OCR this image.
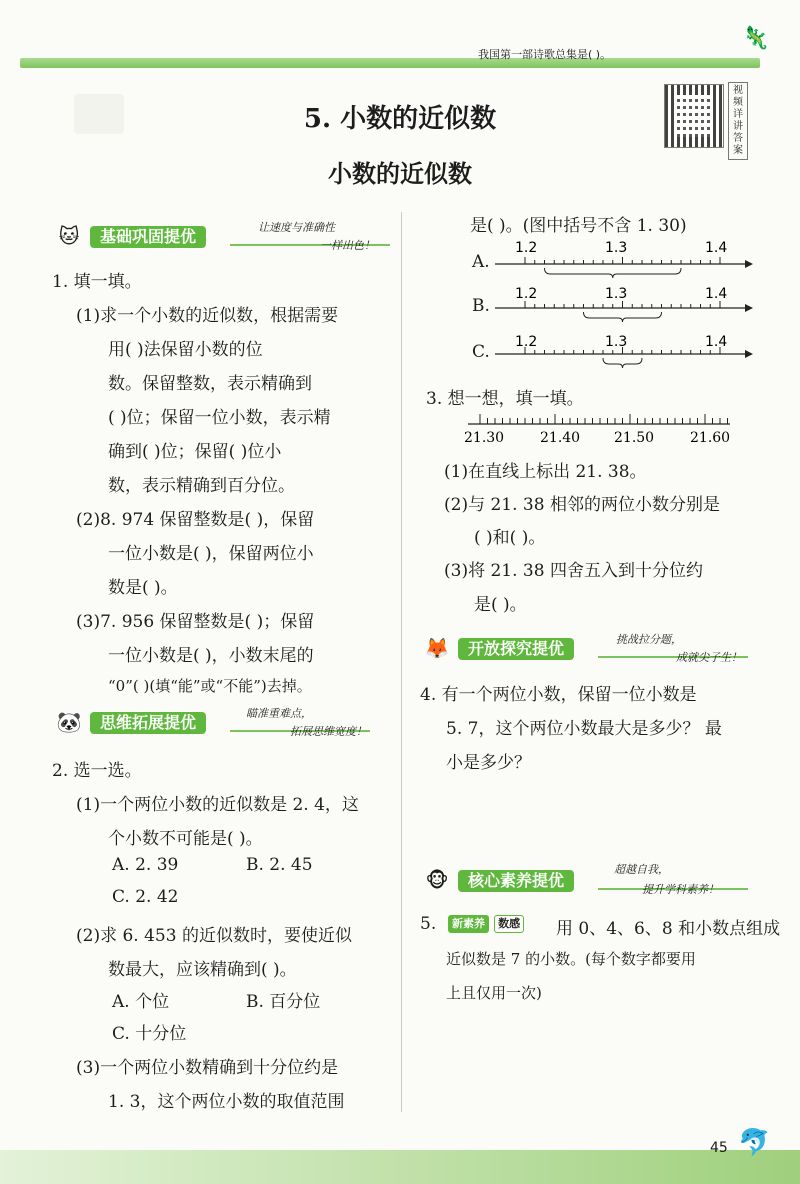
我国第一部诗歌总集是( )。
视频详讲答案
5. 小数的近似数
小数的近似数
🐱	基础巩固提优	让速度与准确性
一样出色！
1. 填一填。
(1)求一个小数的近似数，根据需要
用( )法保留小数的位
数。保留整数，表示精确到
( )位；保留一位小数，表示精
确到( )位；保留( )位小
数，表示精确到百分位。
(2)8. 974 保留整数是( )，保留
一位小数是( )，保留两位小
数是( )。
(3)7. 956 保留整数是( )；保留
一位小数是( )，小数末尾的
“0”( )(填“能”或“不能”)去掉。
🐼	思维拓展提优	瞄准重难点，
拓展思维宽度！
2. 选一选。
(1)一个两位小数的近似数是 2. 4，这
个小数不可能是( )。
A. 2. 39	B. 2. 45
C. 2. 42
(2)求 6. 453 的近似数时，要使近似
数最大，应该精确到( )。
A. 个位	B. 百分位
C. 十分位
(3)一个两位小数精确到十分位约是
1. 3，这个两位小数的取值范围
是( )。(图中括号不含 1. 30)
A.
B.
C.
1.2	1.3	1.4
1.2	1.3	1.4
1.2	1.3	1.4
3. 想一想，填一填。
21.30	21.40 21.50	21.60
(1)在直线上标出 21. 38。
(2)与 21. 38 相邻的两位小数分别是
( )和( )。
(3)将 21. 38 四舍五入到十分位约
是( )。
🦊	开放探究提优	挑战拉分题，
成就尖子生！
4. 有一个两位小数，保留一位小数是
5. 7，这个两位小数最大是多少？ 最
小是多少？
🐵	核心素养提优
超越自我，
提升学科素养！
5.	新素养 数感 用 0、4、6、8 和小数点组成
近似数是 7 的小数。(每个数字都要用
上且仅用一次)
45 🐬
🦎
